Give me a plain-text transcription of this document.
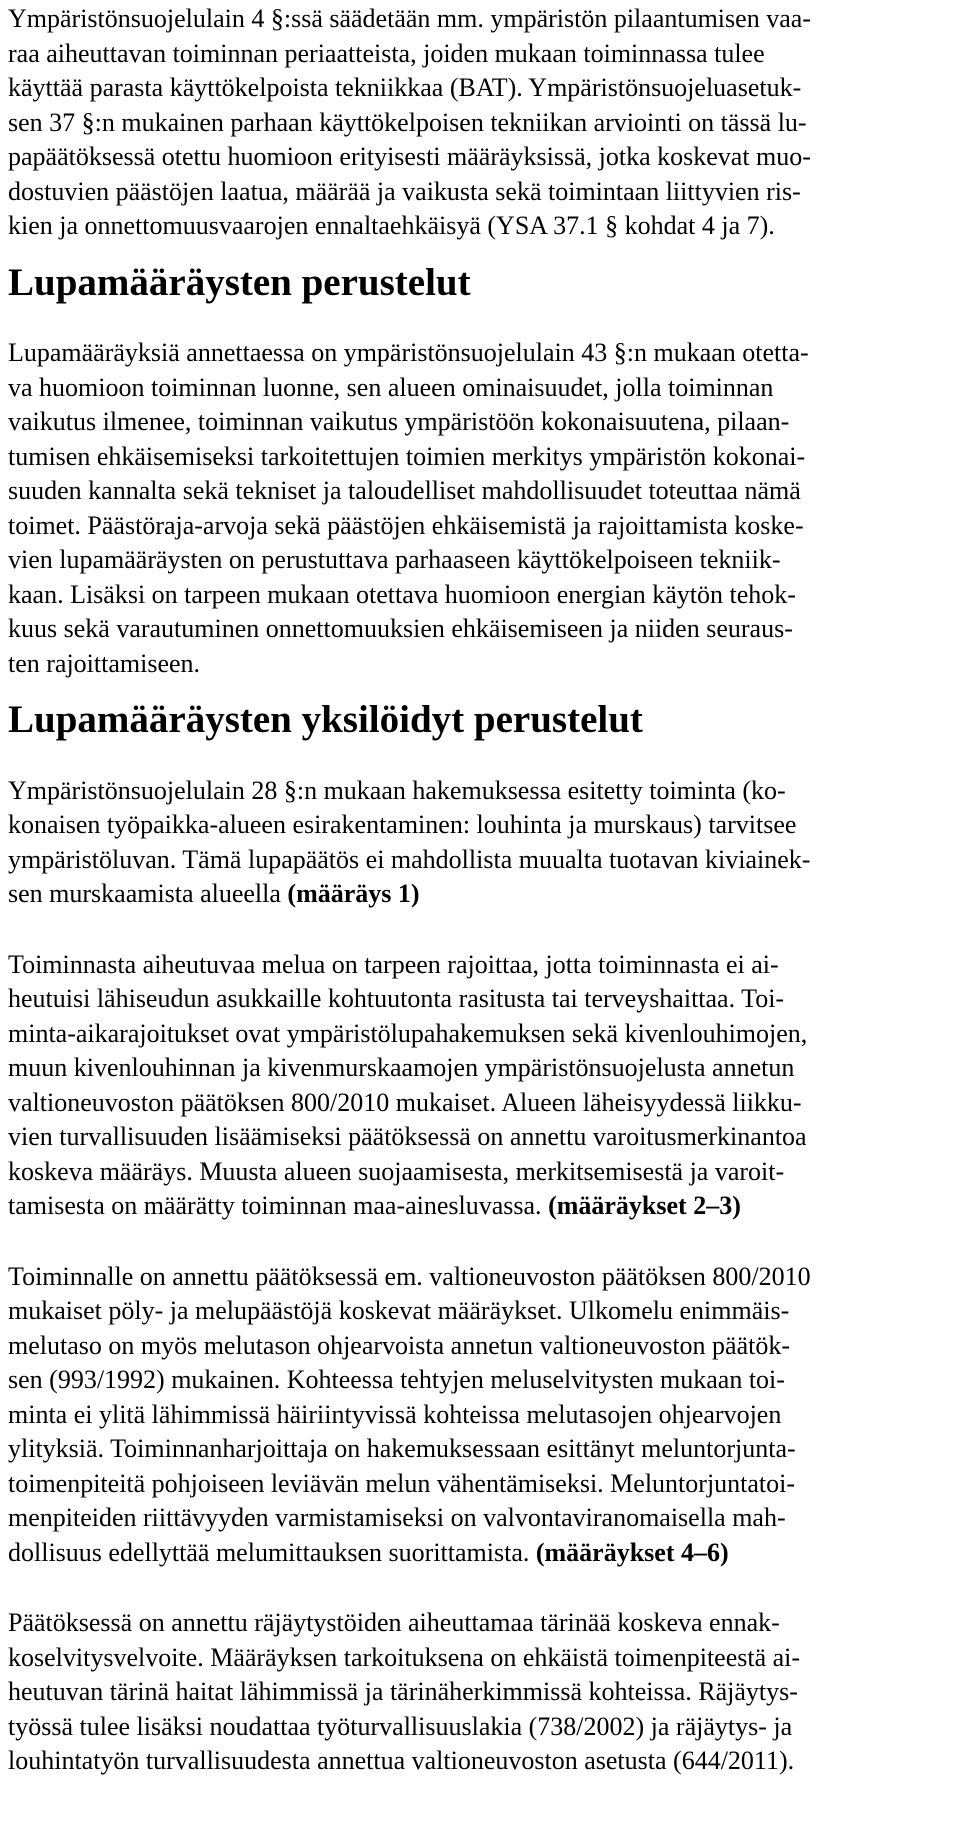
Ympäristönsuojelulain 4 §:ssä säädetään mm. ympäristön pilaantumisen vaa-
raa aiheuttavan toiminnan periaatteista, joiden mukaan toiminnassa tulee
käyttää parasta käyttökelpoista tekniikkaa (BAT). Ympäristönsuojeluasetuk-
sen 37 §:n mukainen parhaan käyttökelpoisen tekniikan arviointi on tässä lu-
papäätöksessä otettu huomioon erityisesti määräyksissä, jotka koskevat muo-
dostuvien päästöjen laatua, määrää ja vaikusta sekä toimintaan liittyvien ris-
kien ja onnettomuusvaarojen ennaltaehkäisyä (YSA 37.1 § kohdat 4 ja 7).

Lupamääräysten perustelut

Lupamääräyksiä annettaessa on ympäristönsuojelulain 43 §:n mukaan otetta-
va huomioon toiminnan luonne, sen alueen ominaisuudet, jolla toiminnan
vaikutus ilmenee, toiminnan vaikutus ympäristöön kokonaisuutena, pilaan-
tumisen ehkäisemiseksi tarkoitettujen toimien merkitys ympäristön kokonai-
suuden kannalta sekä tekniset ja taloudelliset mahdollisuudet toteuttaa nämä
toimet. Päästöraja-arvoja sekä päästöjen ehkäisemistä ja rajoittamista koske-
vien lupamääräysten on perustuttava parhaaseen käyttökelpoiseen tekniik-
kaan. Lisäksi on tarpeen mukaan otettava huomioon energian käytön tehok-
kuus sekä varautuminen onnettomuuksien ehkäisemiseen ja niiden seuraus-
ten rajoittamiseen.

Lupamääräysten yksilöidyt perustelut

Ympäristönsuojelulain 28 §:n mukaan hakemuksessa esitetty toiminta (ko-
konaisen työpaikka-alueen esirakentaminen: louhinta ja murskaus) tarvitsee
ympäristöluvan. Tämä lupapäätös ei mahdollista muualta tuotavan kiviainek-
sen murskaamista alueella (määräys 1)

Toiminnasta aiheutuvaa melua on tarpeen rajoittaa, jotta toiminnasta ei ai-
heutuisi lähiseudun asukkaille kohtuutonta rasitusta tai terveyshaittaa. Toi-
minta-aikarajoitukset ovat ympäristölupahakemuksen sekä kivenlouhimojen,
muun kivenlouhinnan ja kivenmurskaamojen ympäristönsuojelusta annetun
valtioneuvoston päätöksen 800/2010 mukaiset. Alueen läheisyydessä liikku-
vien turvallisuuden lisäämiseksi päätöksessä on annettu varoitusmerkinantoa
koskeva määräys. Muusta alueen suojaamisesta, merkitsemisestä ja varoit-
tamisesta on määrätty toiminnan maa-ainesluvassa. (määräykset 2–3)

Toiminnalle on annettu päätöksessä em. valtioneuvoston päätöksen 800/2010
mukaiset pöly- ja melupäästöjä koskevat määräykset. Ulkomelu enimmäis-
melutaso on myös melutason ohjearvoista annetun valtioneuvoston päätök-
sen (993/1992) mukainen. Kohteessa tehtyjen meluselvitysten mukaan toi-
minta ei ylitä lähimmissä häiriintyvissä kohteissa melutasojen ohjearvojen
ylityksiä. Toiminnanharjoittaja on hakemuksessaan esittänyt meluntorjunta-
toimenpiteitä pohjoiseen leviävän melun vähentämiseksi. Meluntorjuntatoi-
menpiteiden riittävyyden varmistamiseksi on valvontaviranomaisella mah-
dollisuus edellyttää melumittauksen suorittamista. (määräykset 4–6)

Päätöksessä on annettu räjäytystöiden aiheuttamaa tärinää koskeva ennak-
koselvitysvelvoite. Määräyksen tarkoituksena on ehkäistä toimenpiteestä ai-
heutuvan tärinä haitat lähimmissä ja tärinäherkimmissä kohteissa. Räjäytys-
työssä tulee lisäksi noudattaa työturvallisuuslakia (738/2002) ja räjäytys- ja
louhintatyön turvallisuudesta annettua valtioneuvoston asetusta (644/2011).
